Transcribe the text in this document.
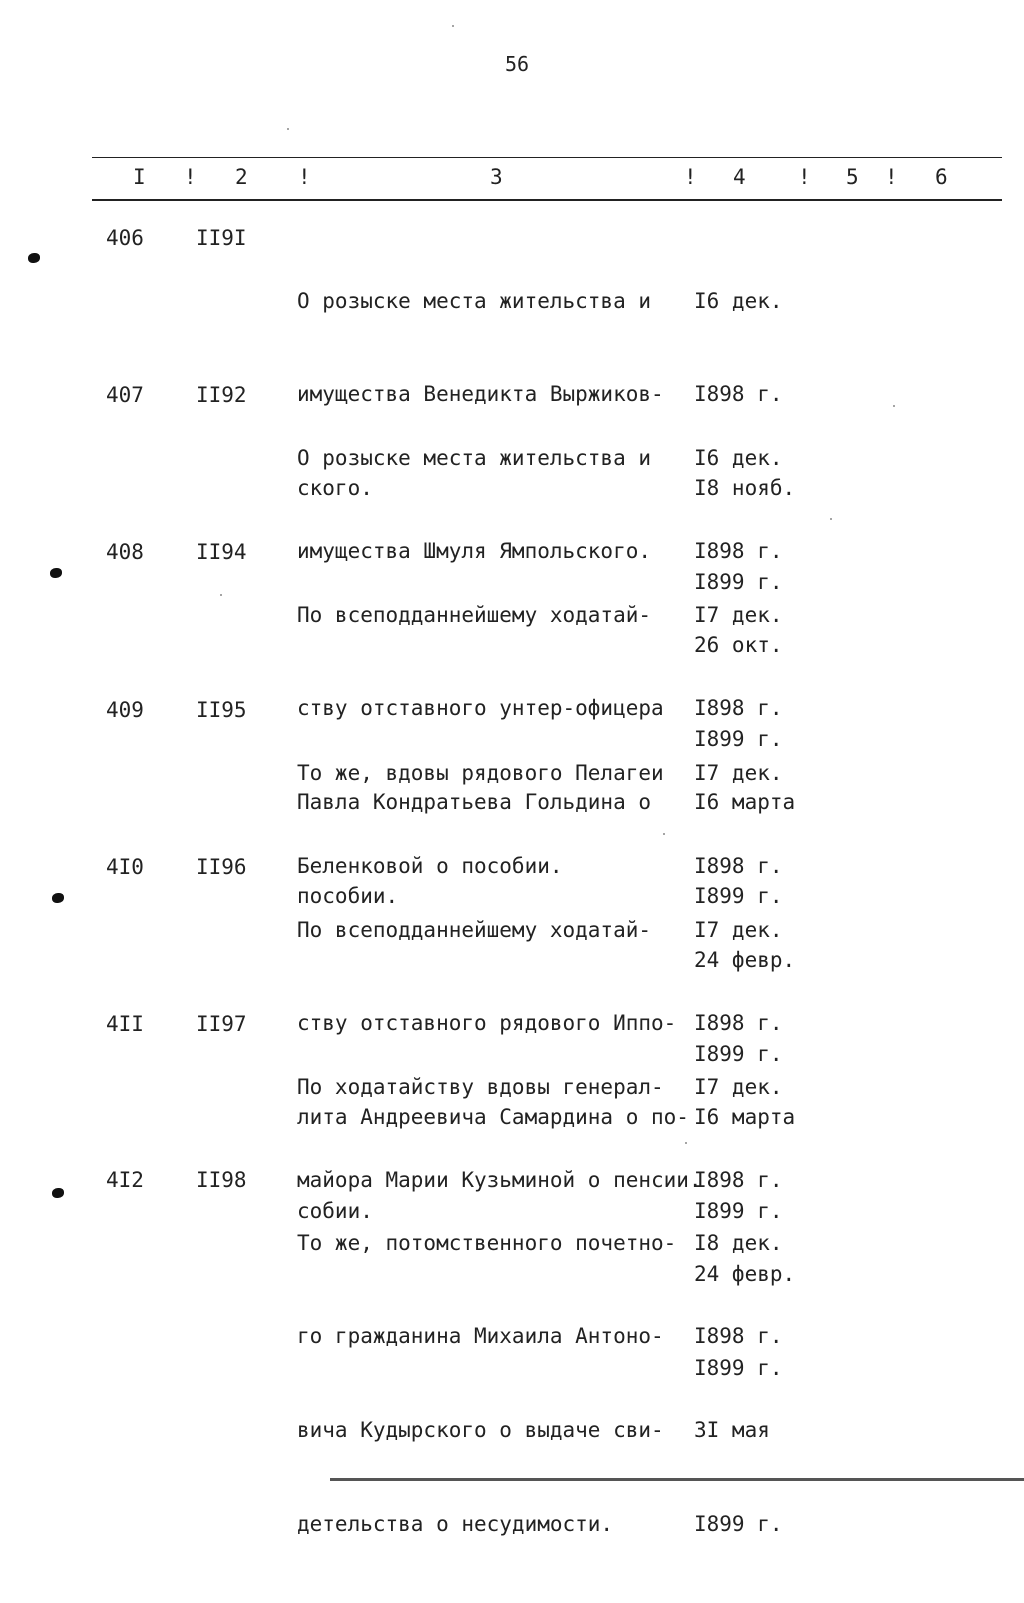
56
I ! 2 !	3	! 4 ! 5 ! 6
406 II9I

О розыске места жительства и

имущества Венедикта Выржиков-

ского.

I6 дек.

I898 г.

I8 нояб.

I899 г.

407 II92

О розыске места жительства и

имущества Шмуля Ямпольского.

I6 дек.

I898 г.

26 окт.

I899 г.

408 II94

По всеподданнейшему ходатай-

ству отставного унтер-офицера

Павла Кондратьева Гольдина о

пособии.

I7 дек.

I898 г.

I6 марта

I899 г.

409 II95

То же, вдовы рядового Пелагеи

Беленковой о пособии.

I7 дек.

I898 г.

24 февр.

I899 г.

4I0 II96

По всеподданнейшему ходатай-

ству отставного рядового Иппо-

лита Андреевича Самардина о по-

собии.

I7 дек.

I898 г.

I6 марта

I899 г.

4II II97

По ходатайству вдовы генерал-

майора Марии Кузьминой о пенсии.

I7 дек.

I898 г.

24 февр.

I899 г.

4I2 II98

То же, потомственного почетно-

го гражданина Михаила Антоно-

вича Кудырского о выдаче сви-

детельства о несудимости.

I8 дек.

I898 г.

3I мая

I899 г.
